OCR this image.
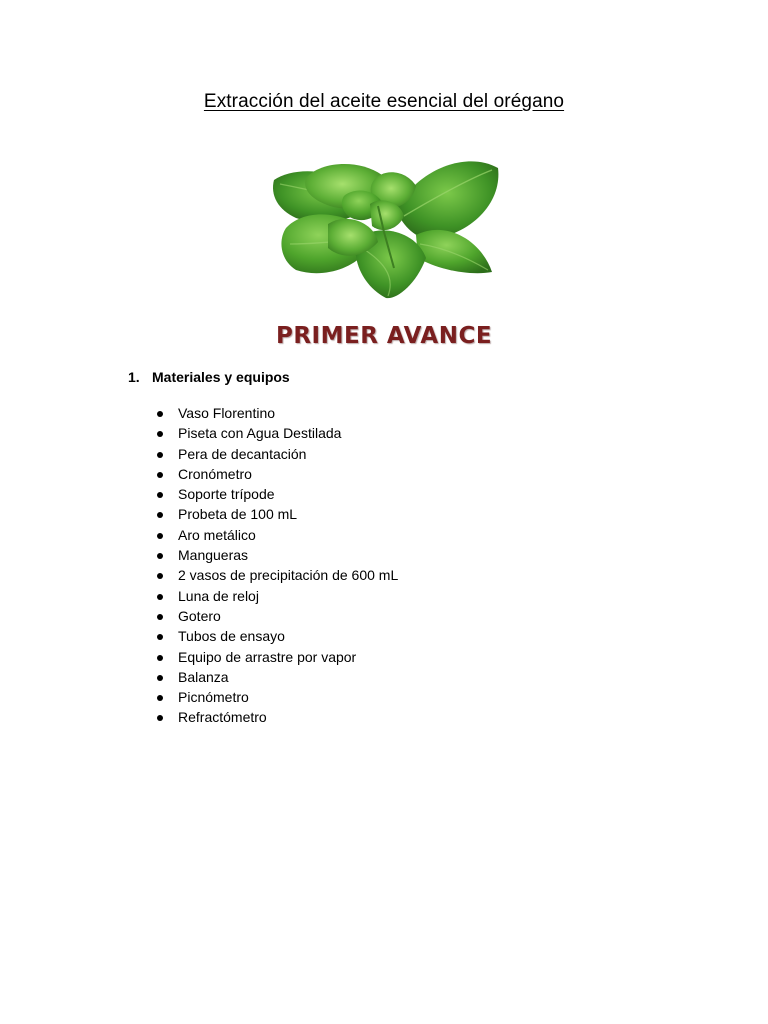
Extracción del aceite esencial del orégano
PRIMER AVANCE
1. Materiales y equipos
Vaso Florentino
Piseta con Agua Destilada
Pera de decantación
Cronómetro
Soporte trípode
Probeta de 100 mL
Aro metálico
Mangueras
2 vasos de precipitación de 600 mL
Luna de reloj
Gotero
Tubos de ensayo
Equipo de arrastre por vapor
Balanza
Picnómetro
Refractómetro
